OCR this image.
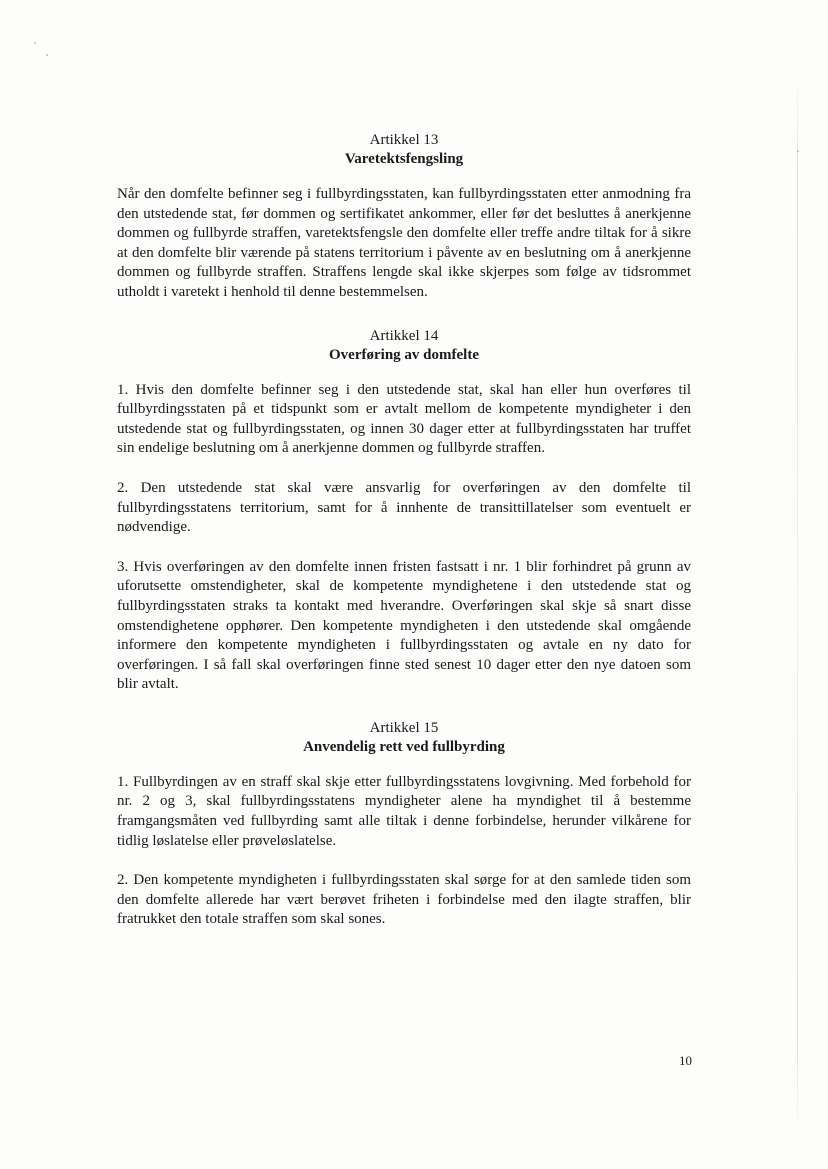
Artikkel 13
Varetektsfengsling

Når den domfelte befinner seg i fullbyrdingsstaten, kan fullbyrdingsstaten etter anmodning fra den utstedende stat, før dommen og sertifikatet ankommer, eller før det besluttes å anerkjenne dommen og fullbyrde straffen, varetektsfengsle den domfelte eller treffe andre tiltak for å sikre at den domfelte blir værende på statens territorium i påvente av en beslutning om å anerkjenne dommen og fullbyrde straffen. Straffens lengde skal ikke skjerpes som følge av tidsrommet utholdt i varetekt i henhold til denne bestemmelsen.

Artikkel 14
Overføring av domfelte

1. Hvis den domfelte befinner seg i den utstedende stat, skal han eller hun overføres til fullbyrdingsstaten på et tidspunkt som er avtalt mellom de kompetente myndigheter i den utstedende stat og fullbyrdingsstaten, og innen 30 dager etter at fullbyrdingsstaten har truffet sin endelige beslutning om å anerkjenne dommen og fullbyrde straffen.

2. Den utstedende stat skal være ansvarlig for overføringen av den domfelte til fullbyrdingsstatens territorium, samt for å innhente de transittillatelser som eventuelt er nødvendige.

3. Hvis overføringen av den domfelte innen fristen fastsatt i nr. 1 blir forhindret på grunn av uforutsette omstendigheter, skal de kompetente myndighetene i den utstedende stat og fullbyrdingsstaten straks ta kontakt med hverandre. Overføringen skal skje så snart disse omstendighetene opphører. Den kompetente myndigheten i den utstedende skal omgående informere den kompetente myndigheten i fullbyrdingsstaten og avtale en ny dato for overføringen. I så fall skal overføringen finne sted senest 10 dager etter den nye datoen som blir avtalt.

Artikkel 15
Anvendelig rett ved fullbyrding

1. Fullbyrdingen av en straff skal skje etter fullbyrdingsstatens lovgivning. Med forbehold for nr. 2 og 3, skal fullbyrdingsstatens myndigheter alene ha myndighet til å bestemme framgangsmåten ved fullbyrding samt alle tiltak i denne forbindelse, herunder vilkårene for tidlig løslatelse eller prøveløslatelse.

2. Den kompetente myndigheten i fullbyrdingsstaten skal sørge for at den samlede tiden som den domfelte allerede har vært berøvet friheten i forbindelse med den ilagte straffen, blir fratrukket den totale straffen som skal sones.

10
